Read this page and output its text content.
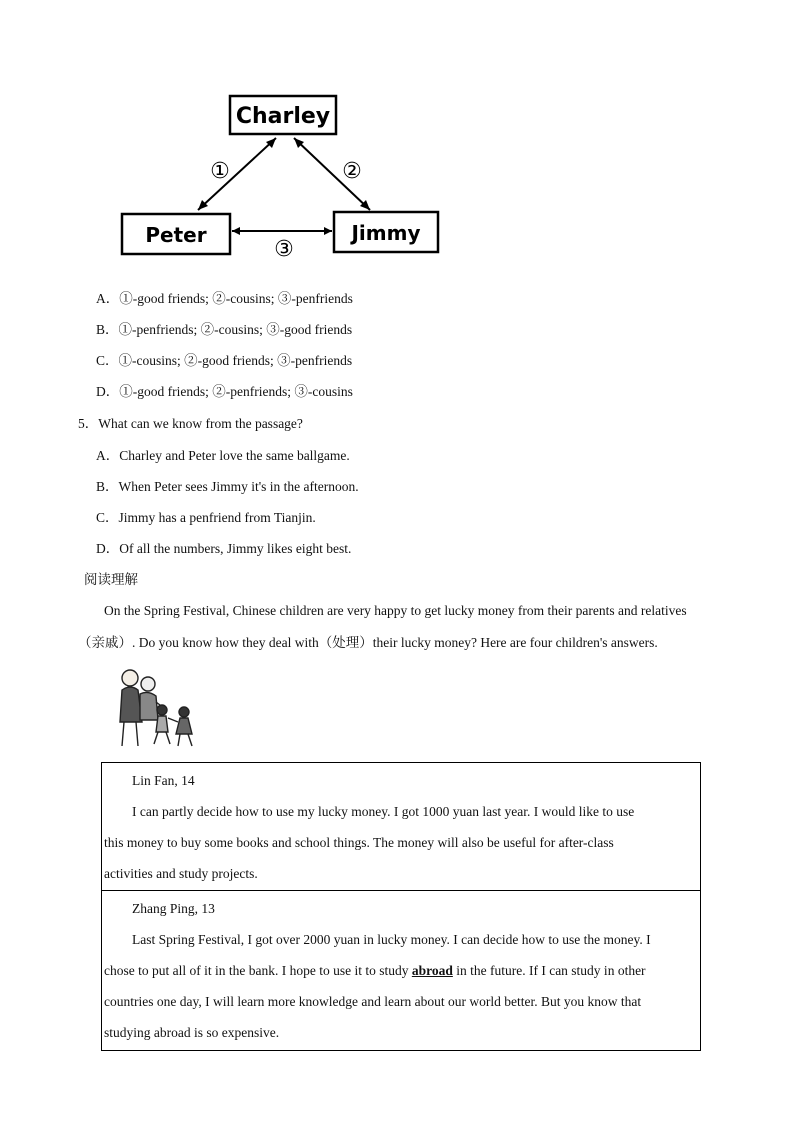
Charley
Peter	Jimmy
①	②
③
A．①-good friends; ②-cousins; ③-penfriends
B．①-penfriends; ②-cousins; ③-good friends
C．①-cousins; ②-good friends; ③-penfriends
D．①-good friends; ②-penfriends; ③-cousins
5．What can we know from the passage?
A．Charley and Peter love the same ballgame.
B．When Peter sees Jimmy it's in the afternoon.
C．Jimmy has a penfriend from Tianjin.
D．Of all the numbers, Jimmy likes eight best.
阅读理解
On the Spring Festival, Chinese children are very happy to get lucky money from their parents and relatives
（亲戚）. Do you know how they deal with（处理）their lucky money? Here are four children's answers.
Lin Fan, 14
I can partly decide how to use my lucky money. I got 1000 yuan last year. I would like to use
this money to buy some books and school things. The money will also be useful for after-class
activities and study projects.
Zhang Ping, 13
Last Spring Festival, I got over 2000 yuan in lucky money. I can decide how to use the money. I
chose to put all of it in the bank. I hope to use it to study abroad in the future. If I can study in other
countries one day, I will learn more knowledge and learn about our world better. But you know that
studying abroad is so expensive.
